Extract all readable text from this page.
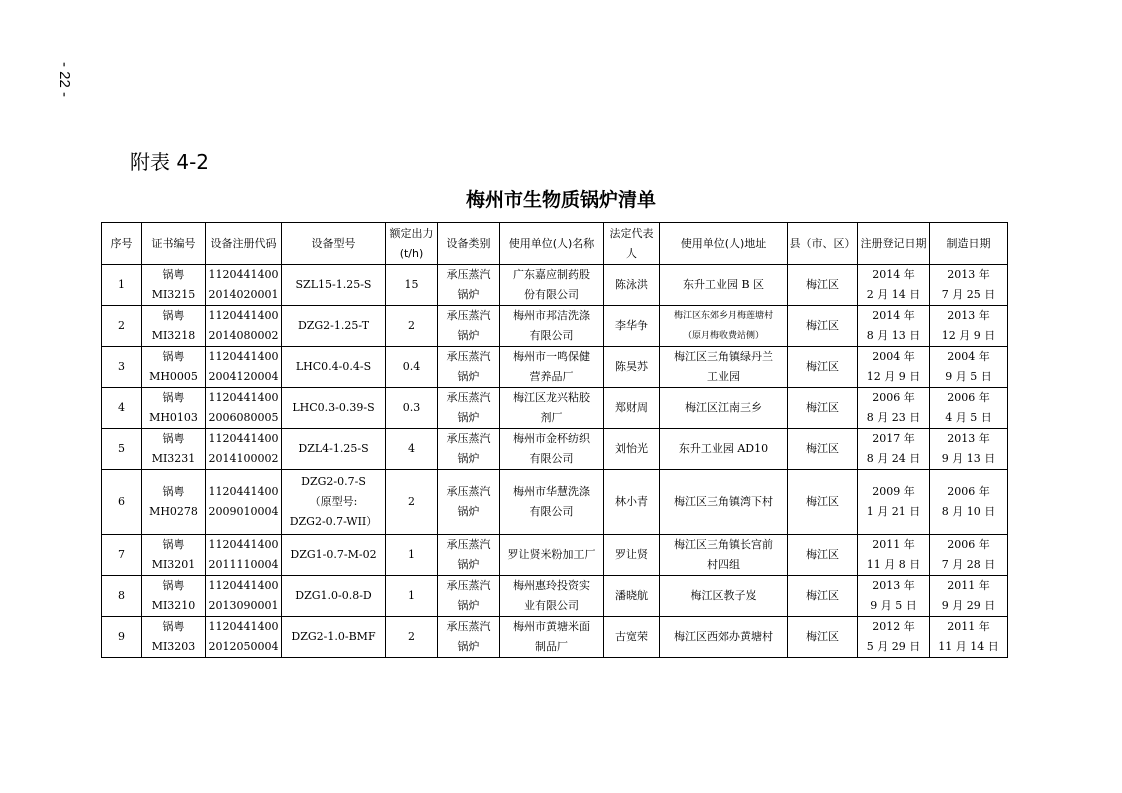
- 22 -
附表 4-2
梅州市生物质锅炉清单
序号	证书编号	设备注册代码	设备型号	额定出力(t/h)	设备类别	使用单位(人)名称	法定代表人	使用单位(人)地址	县（市、区）	注册登记日期	制造日期

1	锅粤
MI3215	1120441400
2014020001	SZL15-1.25-S	15	承压蒸汽
锅炉	广东嘉应制药股
份有限公司	陈泳洪	东升工业园 B 区	梅江区	2014 年
2 月 14 日	2013 年
7 月 25 日

2	锅粤
MI3218	1120441400
2014080002	DZG2-1.25-T	2	承压蒸汽
锅炉	梅州市邦洁洗涤
有限公司	李华争	梅江区东郊乡月梅莲塘村
（原月梅收费站侧）	梅江区	2014 年
8 月 13 日	2013 年
12 月 9 日

3	锅粤
MH0005	1120441400
2004120004	LHC0.4-0.4-S	0.4	承压蒸汽
锅炉	梅州市一鸣保健
营养品厂	陈昊苏	梅江区三角镇绿丹兰
工业园	梅江区	2004 年
12 月 9 日	2004 年
9 月 5 日

4	锅粤
MH0103	1120441400
2006080005	LHC0.3-0.39-S	0.3	承压蒸汽
锅炉	梅江区龙兴粘胶
剂厂	郑财周	梅江区江南三乡	梅江区	2006 年
8 月 23 日	2006 年
4 月 5 日

5	锅粤
MI3231	1120441400
2014100002	DZL4-1.25-S	4	承压蒸汽
锅炉	梅州市金杯纺织
有限公司	刘怡光	东升工业园 AD10	梅江区	2017 年
8 月 24 日	2013 年
9 月 13 日

6	锅粤
MH0278	1120441400
2009010004	DZG2-0.7-S
（原型号:
DZG2-0.7-WII）	2	承压蒸汽
锅炉	梅州市华慧洗涤
有限公司	林小青	梅江区三角镇湾下村	梅江区	2009 年
1 月 21 日	2006 年
8 月 10 日

7	锅粤
MI3201	1120441400
2011110004	DZG1-0.7-M-02	1	承压蒸汽
锅炉	罗让贤米粉加工厂	罗让贤	梅江区三角镇长宫前
村四组	梅江区	2011 年
11 月 8 日	2006 年
7 月 28 日

8	锅粤
MI3210	1120441400
2013090001	DZG1.0-0.8-D	1	承压蒸汽
锅炉	梅州惠玲投资实
业有限公司	潘晓航	梅江区教子岌	梅江区	2013 年
9 月 5 日	2011 年
9 月 29 日

9	锅粤
MI3203	1120441400
2012050004	DZG2-1.0-BMF	2	承压蒸汽
锅炉	梅州市黄塘米面
制品厂	古宽荣	梅江区西郊办黄塘村	梅江区	2012 年
5 月 29 日	2011 年
11 月 14 日
